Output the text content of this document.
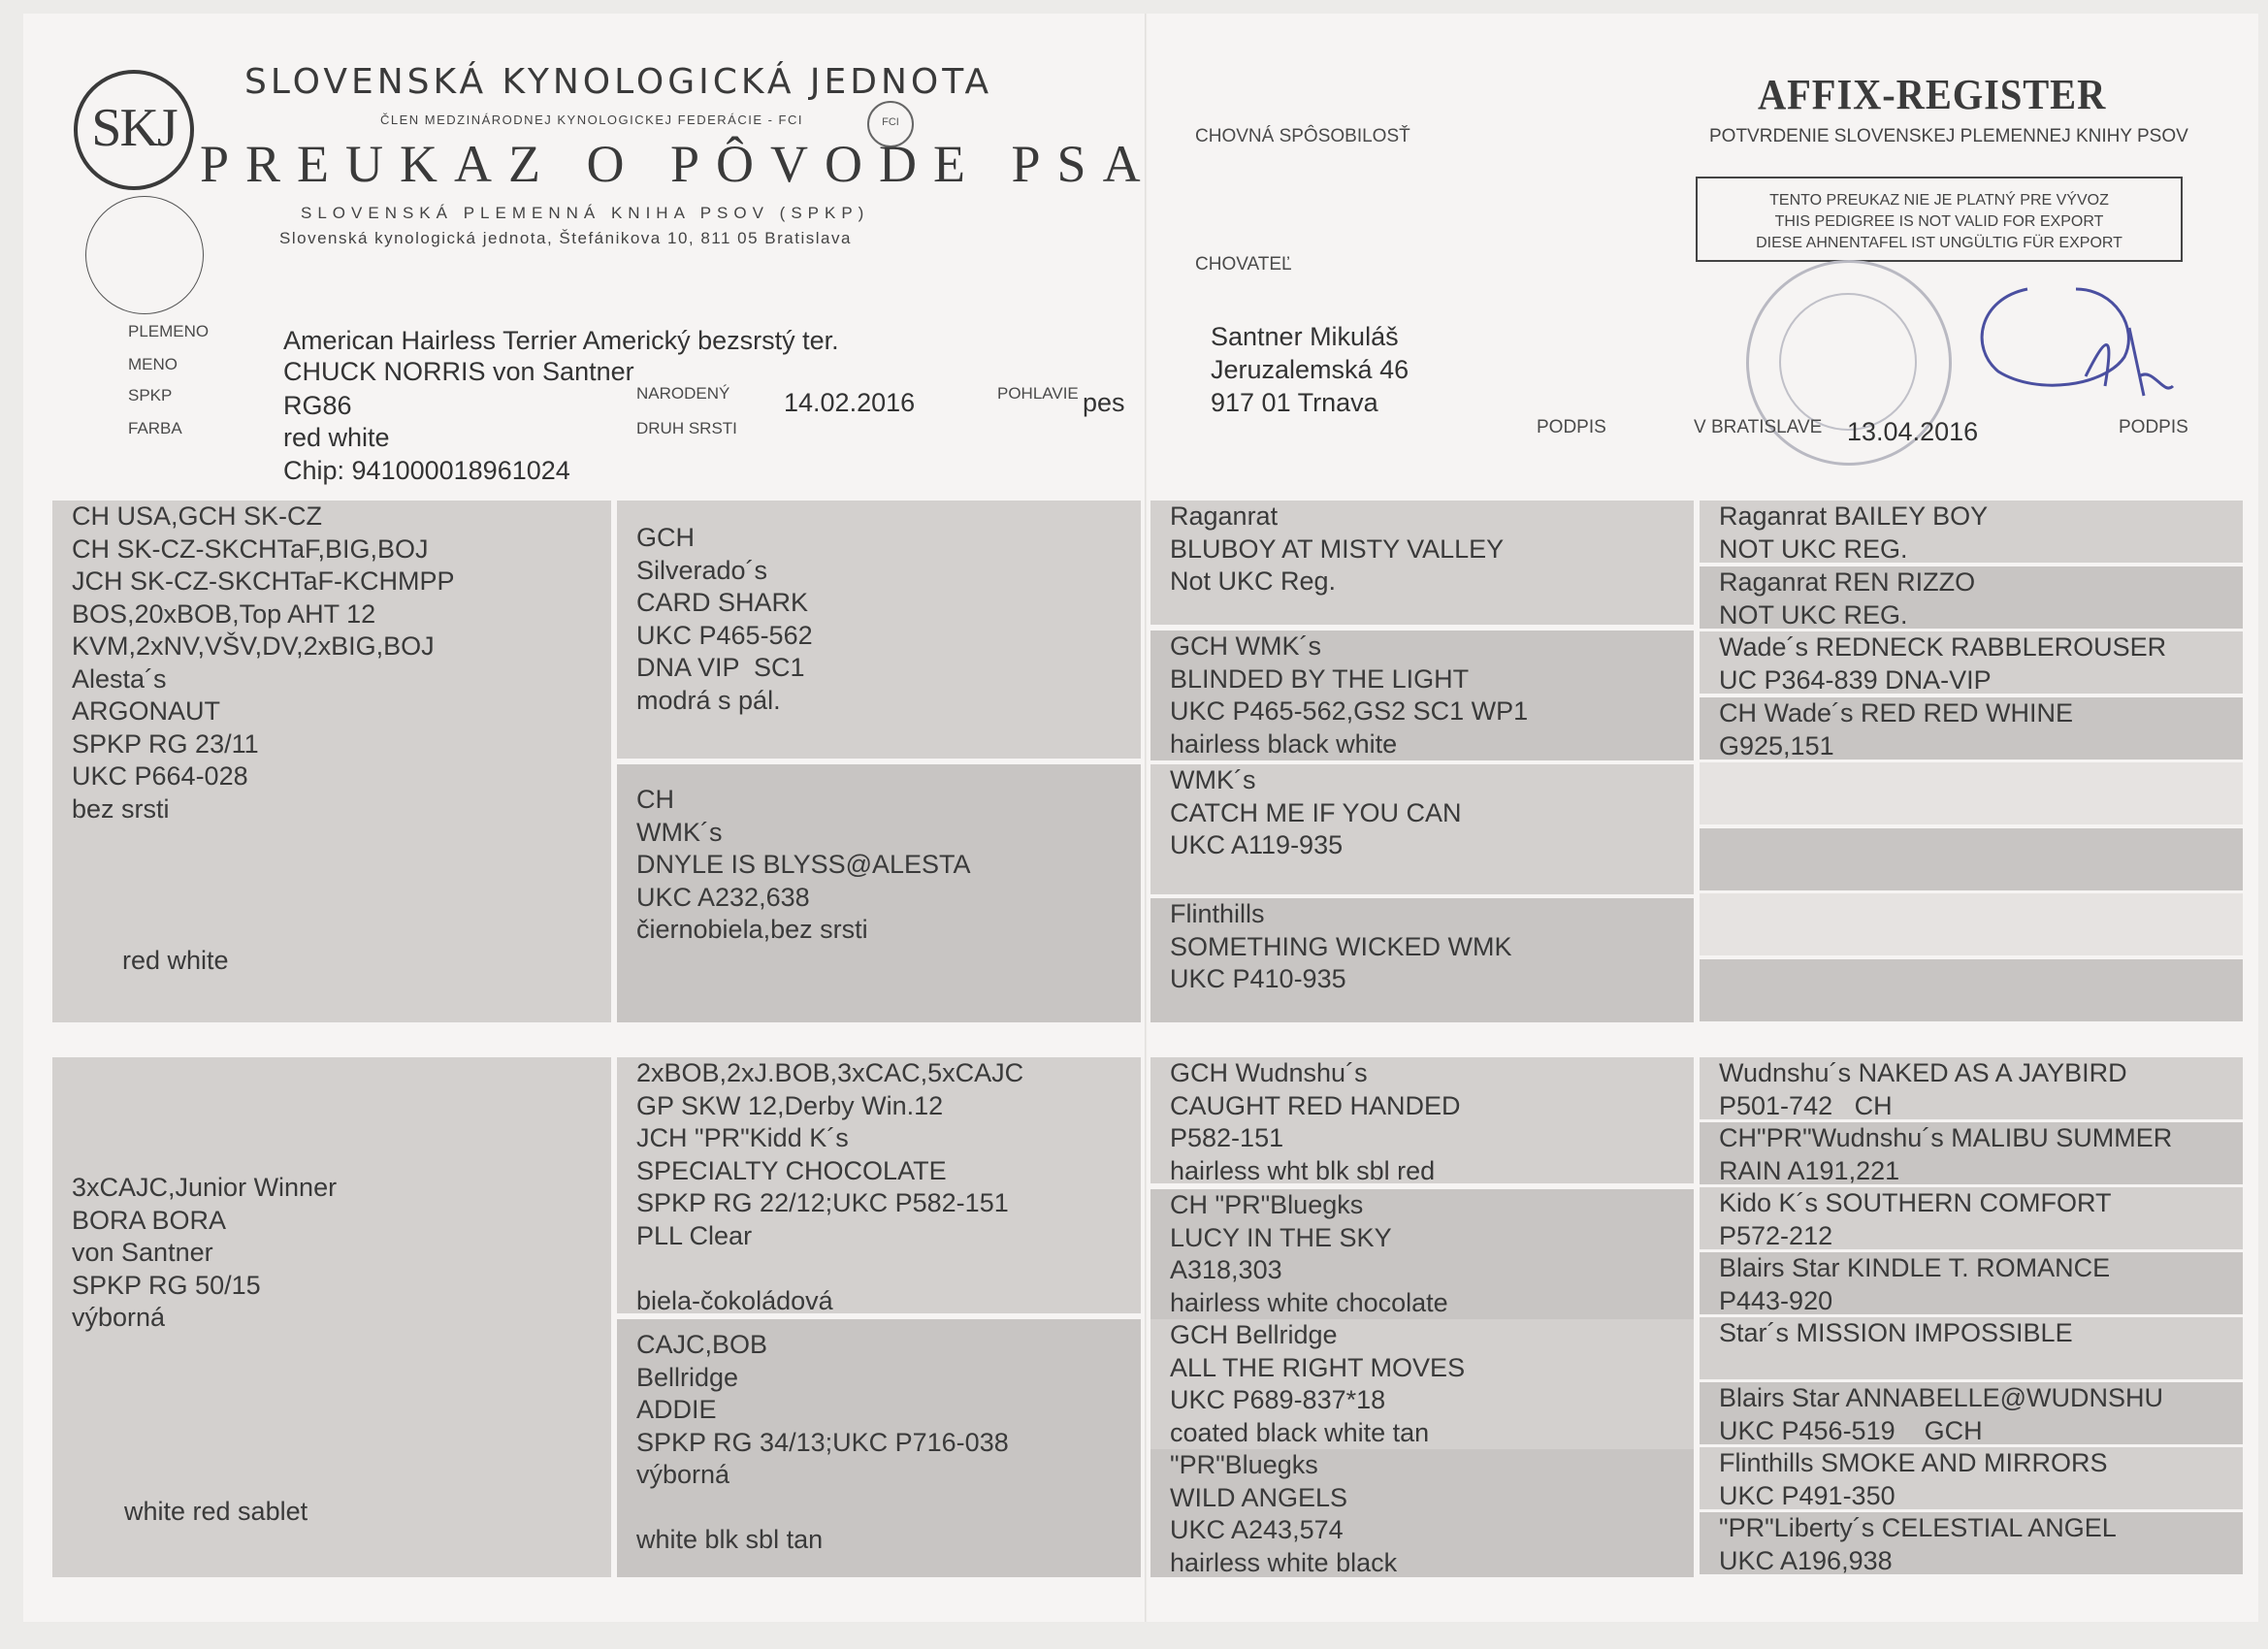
SKJ
SLOVENSKÁ KYNOLOGICKÁ JEDNOTA
ČLEN MEDZINÁRODNEJ KYNOLOGICKEJ FEDERÁCIE - FCI	FCI
PREUKAZ O PÔVODE PSA
SLOVENSKÁ PLEMENNÁ KNIHA PSOV (SPKP)
Slovenská kynologická jednota, Štefánikova 10, 811 05 Bratislava
PLEMENO
MENO
SPKP
FARBA
American Hairless Terrier Americký bezsrstý ter.
CHUCK NORRIS von Santner
RG86
red white
Chip: 941000018961024
NARODENÝ
DRUH SRSTI
14.02.2016	POHLAVIE pes
CHOVNÁ SPÔSOBILOSŤ
CHOVATEĽ
Santner Mikuláš
Jeruzalemská 46
917 01 Trnava
PODPIS
AFFIX-REGISTER
POTVRDENIE SLOVENSKEJ PLEMENNEJ KNIHY PSOV
TENTO PREUKAZ NIE JE PLATNÝ PRE VÝVOZ
THIS PEDIGREE IS NOT VALID FOR EXPORT
DIESE AHNENTAFEL IST UNGÜLTIG FÜR EXPORT
V BRATISLAVE 13.04.2016	PODPIS
CH USA,GCH SK-CZ
CH SK-CZ-SKCHTaF,BIG,BOJ
JCH SK-CZ-SKCHTaF-KCHMPP
BOS,20xBOB,Top AHT 12
KVM,2xNV,VŠV,DV,2xBIG,BOJ
Alesta´s
ARGONAUT
SPKP RG 23/11
UKC P664-028
bez srsti
red white
3xCAJC,Junior Winner
BORA BORA
von Santner
SPKP RG 50/15
výborná
white red sablet
GCH
Silverado´s
CARD SHARK
UKC P465-562
DNA VIP  SC1
modrá s pál.
CH
WMK´s
DNYLE IS BLYSS@ALESTA
UKC A232,638
čiernobiela,bez srsti
2xBOB,2xJ.BOB,3xCAC,5xCAJC
GP SKW 12,Derby Win.12
JCH "PR"Kidd K´s
SPECIALTY CHOCOLATE
SPKP RG 22/12;UKC P582-151
PLL Clear

biela-čokoládová
CAJC,BOB
Bellridge
ADDIE
SPKP RG 34/13;UKC P716-038
výborná

white blk sbl tan
Raganrat
BLUBOY AT MISTY VALLEY
Not UKC Reg.
GCH WMK´s
BLINDED BY THE LIGHT
UKC P465-562,GS2 SC1 WP1
hairless black white
WMK´s
CATCH ME IF YOU CAN
UKC A119-935
Flinthills
SOMETHING WICKED WMK
UKC P410-935
GCH Wudnshu´s
CAUGHT RED HANDED
P582-151
hairless wht blk sbl red
CH "PR"Bluegks
LUCY IN THE SKY
A318,303
hairless white chocolate
GCH Bellridge
ALL THE RIGHT MOVES
UKC P689-837*18
coated black white tan
"PR"Bluegks
WILD ANGELS
UKC A243,574
hairless white black
Raganrat BAILEY BOY
NOT UKC REG.
Raganrat REN RIZZO
NOT UKC REG.
Wade´s REDNECK RABBLEROUSER
UC P364-839 DNA-VIP
CH Wade´s RED RED WHINE
G925,151
Wudnshu´s NAKED AS A JAYBIRD
P501-742   CH
CH"PR"Wudnshu´s MALIBU SUMMER
RAIN A191,221
Kido K´s SOUTHERN COMFORT
P572-212
Blairs Star KINDLE T. ROMANCE
P443-920
Star´s MISSION IMPOSSIBLE
Blairs Star ANNABELLE@WUDNSHU
UKC P456-519    GCH
Flinthills SMOKE AND MIRRORS
UKC P491-350
"PR"Liberty´s CELESTIAL ANGEL
UKC A196,938
